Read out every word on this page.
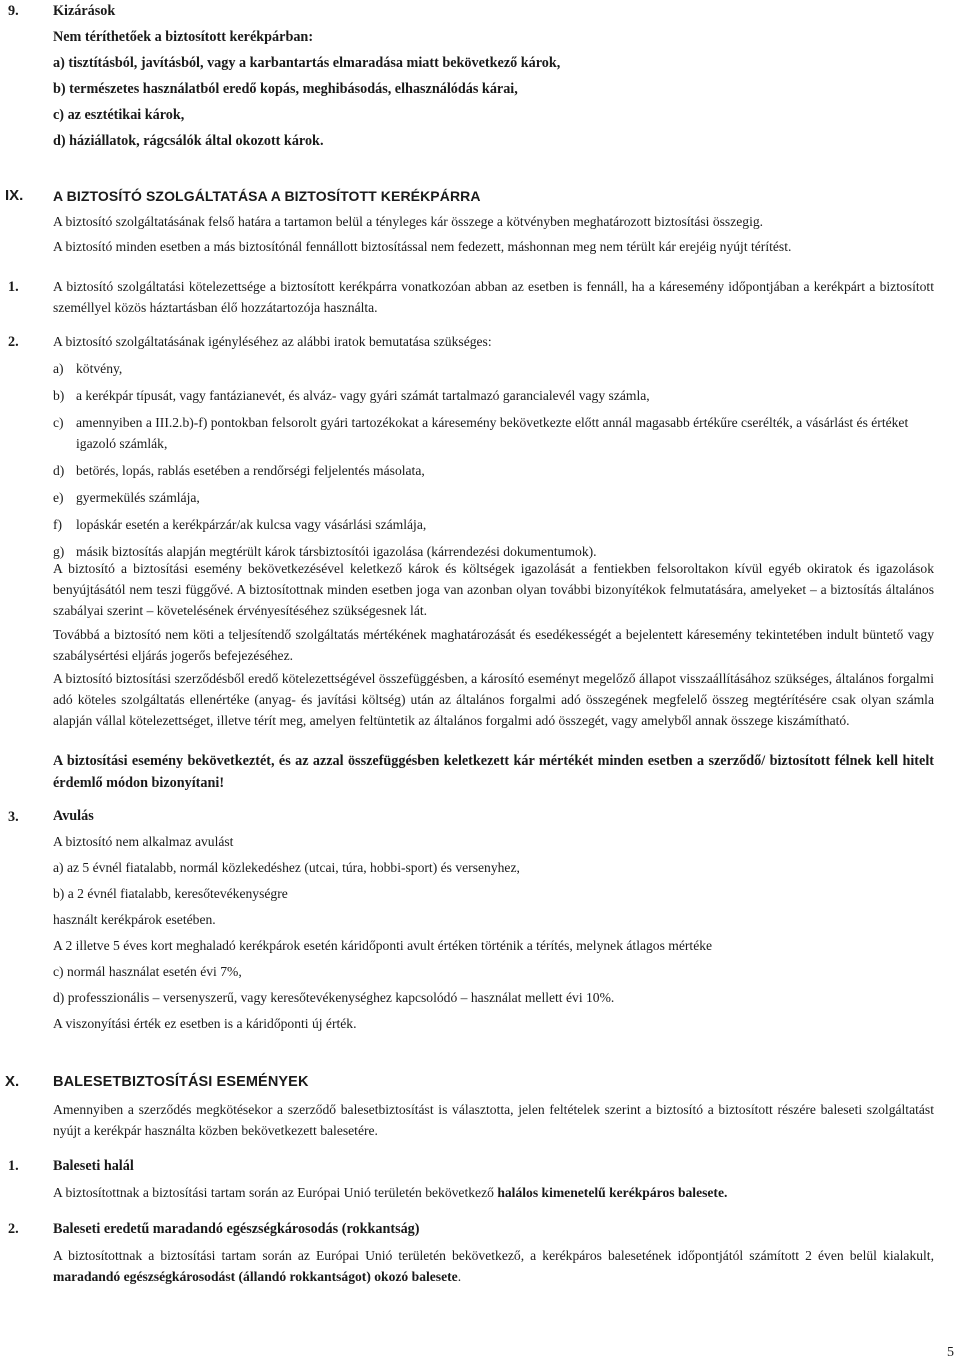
9. Kizárások
Nem téríthetőek a biztosított kerékpárban:
a) tisztításból, javításból, vagy a karbantartás elmaradása miatt bekövetkező károk,
b) természetes használatból eredő kopás, meghibásodás, elhasználódás kárai,
c) az esztétikai károk,
d) háziállatok, rágcsálók által okozott károk.
IX. A BIZTOSÍTÓ SZOLGÁLTATÁSA A BIZTOSÍTOTT KERÉKPÁRRA
A biztosító szolgáltatásának felső határa a tartamon belül a tényleges kár összege a kötvényben meghatározott biztosítási összegig.
A biztosító minden esetben a más biztosítónál fennállott biztosítással nem fedezett, máshonnan meg nem térült kár erejéig nyújt térítést.
1.	A biztosító szolgáltatási kötelezettsége a biztosított kerékpárra vonatkozóan abban az esetben is fennáll, ha a káresemény időpontjában a kerékpárt a biztosított személlyel közös háztartásban élő hozzátartozója használta.
2.	A biztosító szolgáltatásának igényléséhez az alábbi iratok bemutatása szükséges:
a) kötvény,
b) a kerékpár típusát, vagy fantázianevét, és alváz- vagy gyári számát tartalmazó garancialevél vagy számla,
c) amennyiben a III.2.b)-f) pontokban felsorolt gyári tartozékokat a káresemény bekövetkezte előtt annál magasabb értékűre cserélték, a vásárlást és értéket igazoló számlák,
d) betörés, lopás, rablás esetében a rendőrségi feljelentés másolata,
e) gyermekülés számlája,
f)	lopáskár esetén a kerékpárzár/ak kulcsa vagy vásárlási számlája,
g) másik biztosítás alapján megtérült károk társbiztosítói igazolása (kárrendezési dokumentumok).
A biztosító a biztosítási esemény bekövetkezésével keletkező károk és költségek igazolását a fentiekben felsoroltakon kívül egyéb okiratok és igazolások benyújtásától nem teszi függővé. A biztosítottnak minden esetben joga van azonban olyan további bizonyítékok felmutatására, amelyeket – a biztosítás általános szabályai szerint – követelésének érvényesítéséhez szükségesnek lát.
Továbbá a biztosító nem köti a teljesítendő szolgáltatás mértékének maghatározását és esedékességét a bejelentett káresemény tekintetében indult büntető vagy szabálysértési eljárás jogerős befejezéséhez.
A biztosító biztosítási szerződésből eredő kötelezettségével összefüggésben, a károsító eseményt megelőző állapot visszaállításához szükséges, általános forgalmi adó köteles szolgáltatás ellenértéke (anyag- és javítási költség) után az általános forgalmi adó összegének megfelelő összeg megtérítésére csak olyan számla alapján vállal kötelezettséget, illetve térít meg, amelyen feltüntetik az általános forgalmi adó összegét, vagy amelyből annak összege kiszámítható.
A biztosítási esemény bekövetkeztét, és az azzal összefüggésben keletkezett kár mértékét minden esetben a szerződő/ biztosított félnek kell hitelt érdemlő módon bizonyítani!
3. Avulás
A biztosító nem alkalmaz avulást
a) az 5 évnél fiatalabb, normál közlekedéshez (utcai, túra, hobbi-sport) és versenyhez,
b) a 2 évnél fiatalabb, keresőtevékenységre
használt kerékpárok esetében.
A 2 illetve 5 éves kort meghaladó kerékpárok esetén káridőponti avult értéken történik a térítés, melynek átlagos mértéke
c) normál használat esetén évi 7%,
d) professzionális – versenyszerű, vagy keresőtevékenységhez kapcsolódó – használat mellett évi 10%.
A viszonyítási érték ez esetben is a káridőponti új érték.
X. BALESETBIZTOSÍTÁSI ESEMÉNYEK
Amennyiben a szerződés megkötésekor a szerződő balesetbiztosítást is választotta, jelen feltételek szerint a biztosító a biztosított részére baleseti szolgáltatást nyújt a kerékpár használta közben bekövetkezett balesetére.
1. Baleseti halál
A biztosítottnak a biztosítási tartam során az Európai Unió területén bekövetkező halálos kimenetelű kerékpáros balesete.
2. Baleseti eredetű maradandó egészségkárosodás (rokkantság)
A biztosítottnak a biztosítási tartam során az Európai Unió területén bekövetkező, a kerékpáros balesetének időpontjától számított 2 éven belül kialakult, maradandó egészségkárosodást (állandó rokkantságot) okozó balesete.
5
